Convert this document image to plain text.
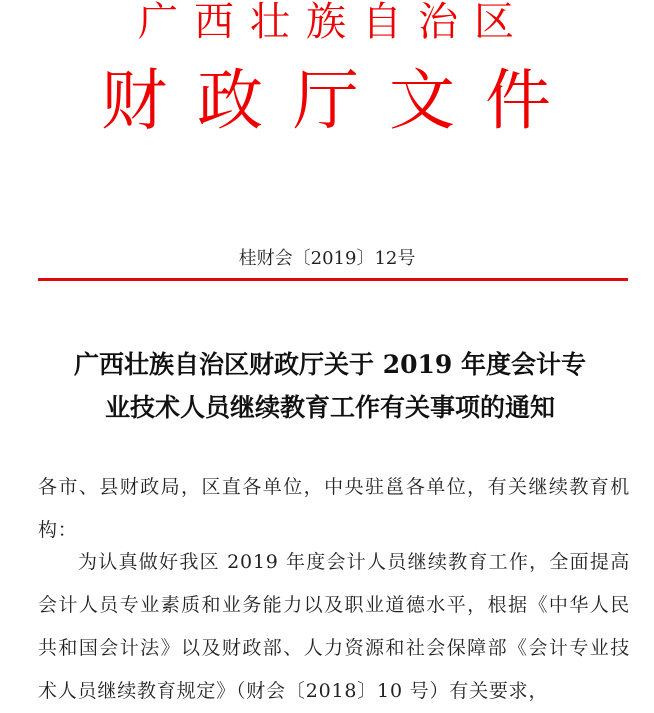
广西壮族自治区
财政厅文件
桂财会〔2019〕12号
广西壮族自治区财政厅关于 2019 年度会计专
业技术人员继续教育工作有关事项的通知
各市、县财政局，区直各单位，中央驻邕各单位，有关继续教育机构：
为认真做好我区 2019 年度会计人员继续教育工作，全面提高会计人员专业素质和业务能力以及职业道德水平，根据《中华人民共和国会计法》以及财政部、人力资源和社会保障部《会计专业技术人员继续教育规定》（财会〔2018〕10 号）有关要求，
